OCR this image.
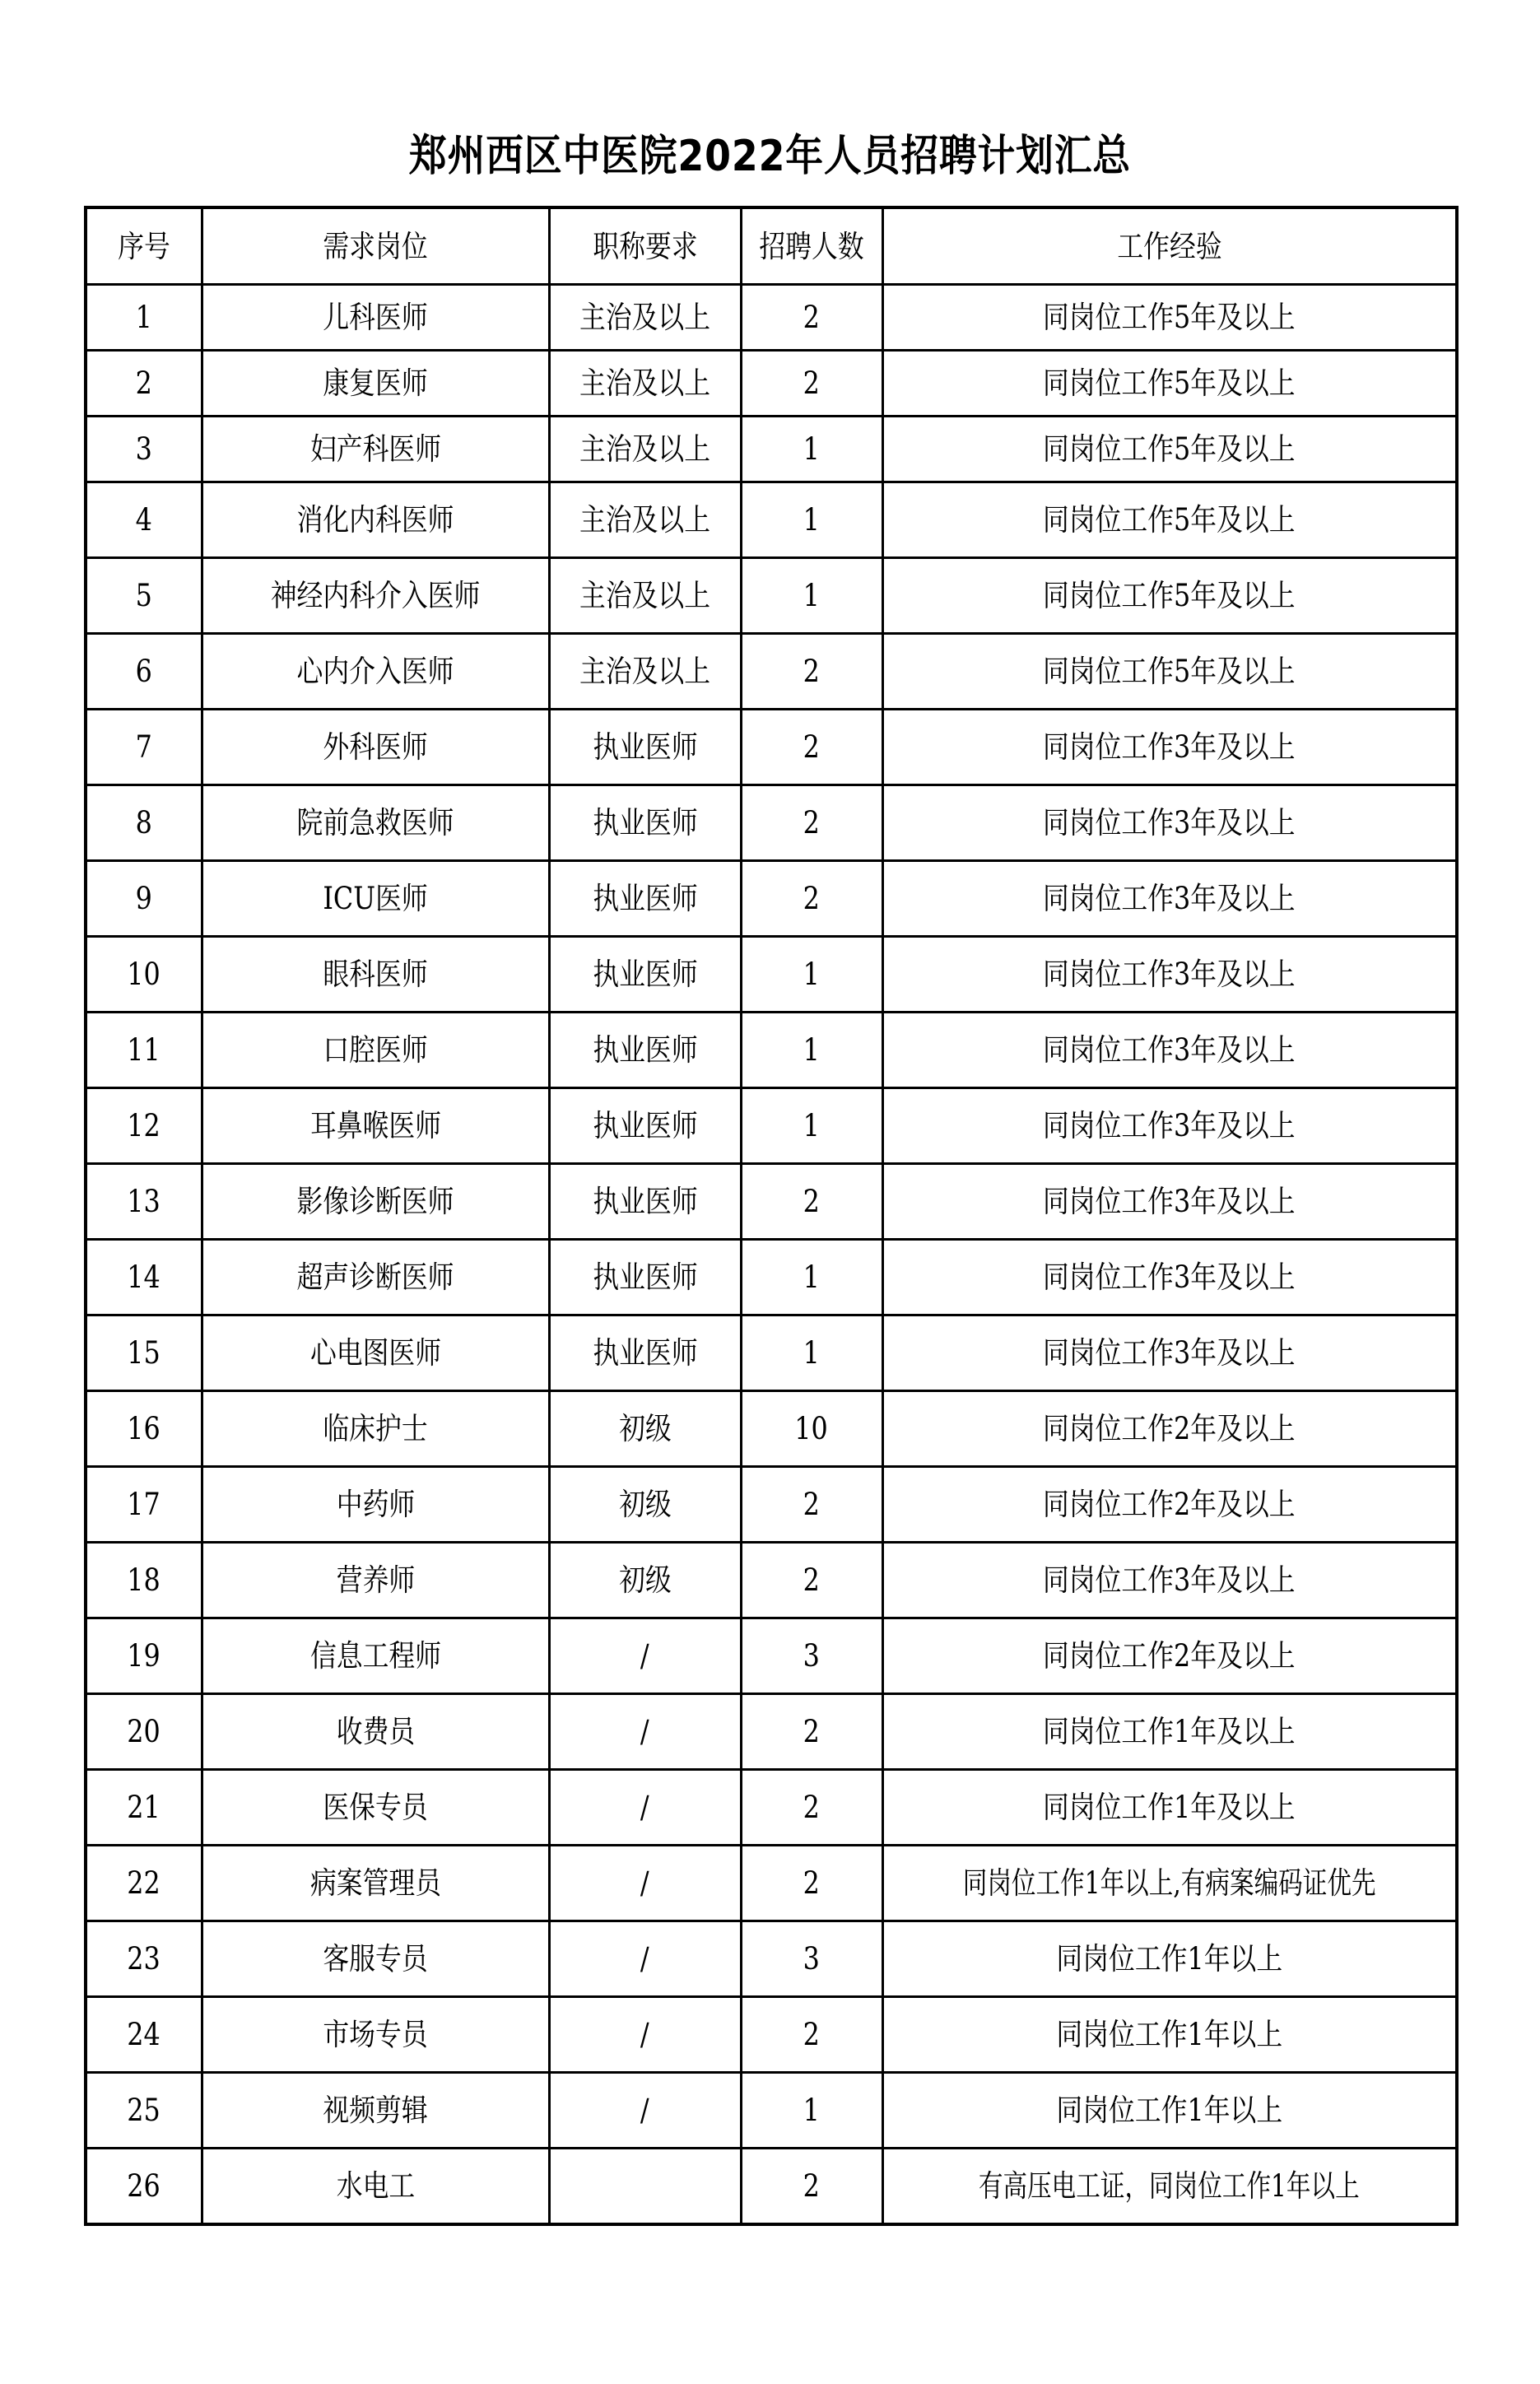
郑州西区中医院2022年人员招聘计划汇总
序号	需求岗位	职称要求	招聘人数	工作经验
1	儿科医师	主治及以上	2	同岗位工作5年及以上
2	康复医师	主治及以上	2	同岗位工作5年及以上
3	妇产科医师	主治及以上	1	同岗位工作5年及以上
4	消化内科医师	主治及以上	1	同岗位工作5年及以上
5	神经内科介入医师	主治及以上	1	同岗位工作5年及以上
6	心内介入医师	主治及以上	2	同岗位工作5年及以上
7	外科医师	执业医师	2	同岗位工作3年及以上
8	院前急救医师	执业医师	2	同岗位工作3年及以上
9	ICU医师	执业医师	2	同岗位工作3年及以上
10	眼科医师	执业医师	1	同岗位工作3年及以上
11	口腔医师	执业医师	1	同岗位工作3年及以上
12	耳鼻喉医师	执业医师	1	同岗位工作3年及以上
13	影像诊断医师	执业医师	2	同岗位工作3年及以上
14	超声诊断医师	执业医师	1	同岗位工作3年及以上
15	心电图医师	执业医师	1	同岗位工作3年及以上
16	临床护士	初级	10	同岗位工作2年及以上
17	中药师	初级	2	同岗位工作2年及以上
18	营养师	初级	2	同岗位工作3年及以上
19	信息工程师	/	3	同岗位工作2年及以上
20	收费员	/	2	同岗位工作1年及以上
21	医保专员	/	2	同岗位工作1年及以上
22	病案管理员	/	2	同岗位工作1年以上,有病案编码证优先
23	客服专员	/	3	同岗位工作1年以上
24	市场专员	/	2	同岗位工作1年以上
25	视频剪辑	/	1	同岗位工作1年以上
26	水电工		2	有高压电工证，同岗位工作1年以上
